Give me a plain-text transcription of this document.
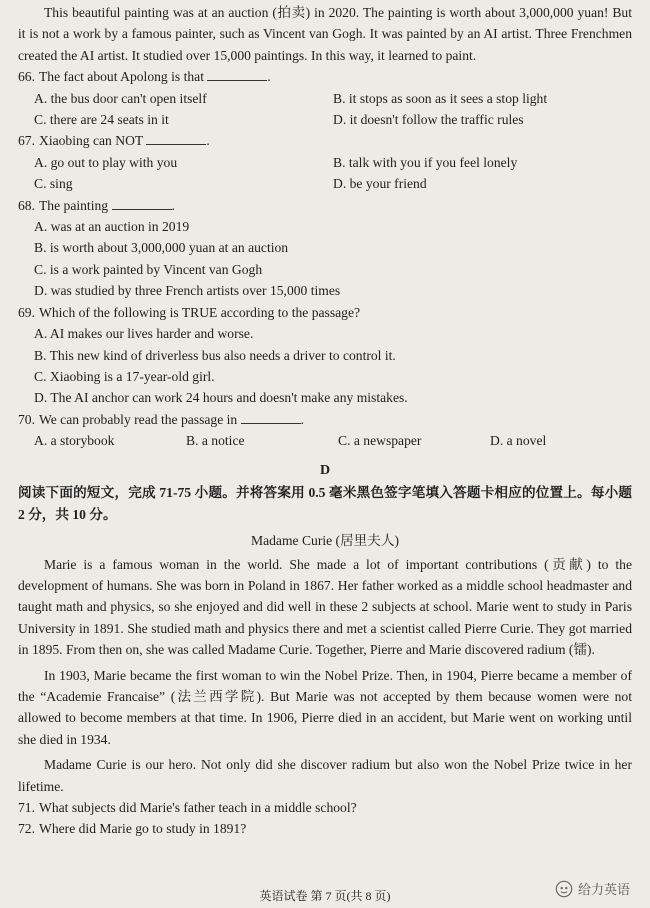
This beautiful painting was at an auction (拍卖) in 2020. The painting is worth about 3,000,000 yuan! But it is not a work by a famous painter, such as Vincent van Gogh. It was painted by an AI artist. Three Frenchmen created the AI artist. It studied over 15,000 paintings. In this way, it learned to paint.

66. The fact about Apolong is that	.

A. the bus door can't open itself	B. it stops as soon as it sees a stop light
C. there are 24 seats in it	D. it doesn't follow the traffic rules

67. Xiaobing can NOT	.

A. go out to play with you	B. talk with you if you feel lonely
C. sing	D. be your friend

68. The painting	.

A. was at an auction in 2019
B. is worth about 3,000,000 yuan at an auction
C. is a work painted by Vincent van Gogh
D. was studied by three French artists over 15,000 times

69. Which of the following is TRUE according to the passage?

A. AI makes our lives harder and worse.
B. This new kind of driverless bus also needs a driver to control it.
C. Xiaobing is a 17-year-old girl.
D. The AI anchor can work 24 hours and doesn't make any mistakes.

70. We can probably read the passage in	.

A. a storybook	B. a notice	C. a newspaper	D. a novel

D

阅读下面的短文，完成 71-75 小题。并将答案用 0.5 毫米黑色签字笔填入答题卡相应的位置上。每小题 2 分，共 10 分。

Madame Curie (居里夫人)

Marie is a famous woman in the world. She made a lot of important contributions (贡献) to the development of humans. She was born in Poland in 1867. Her father worked as a middle school headmaster and taught math and physics, so she enjoyed and did well in these 2 subjects at school. Marie went to study in Paris University in 1891. She studied math and physics there and met a scientist called Pierre Curie. They got married in 1895. From then on, she was called Madame Curie. Together, Pierre and Marie discovered radium (镭).

In 1903, Marie became the first woman to win the Nobel Prize. Then, in 1904, Pierre became a member of the “Academie Francaise” (法兰西学院). But Marie was not accepted by them because women were not allowed to become members at that time. In 1906, Pierre died in an accident, but Marie went on working until she died in 1934.

Madame Curie is our hero. Not only did she discover radium but also won the Nobel Prize twice in her lifetime.

71. What subjects did Marie's father teach in a middle school?

72. Where did Marie go to study in 1891?

英语试卷 第 7 页(共 8 页)	给力英语
